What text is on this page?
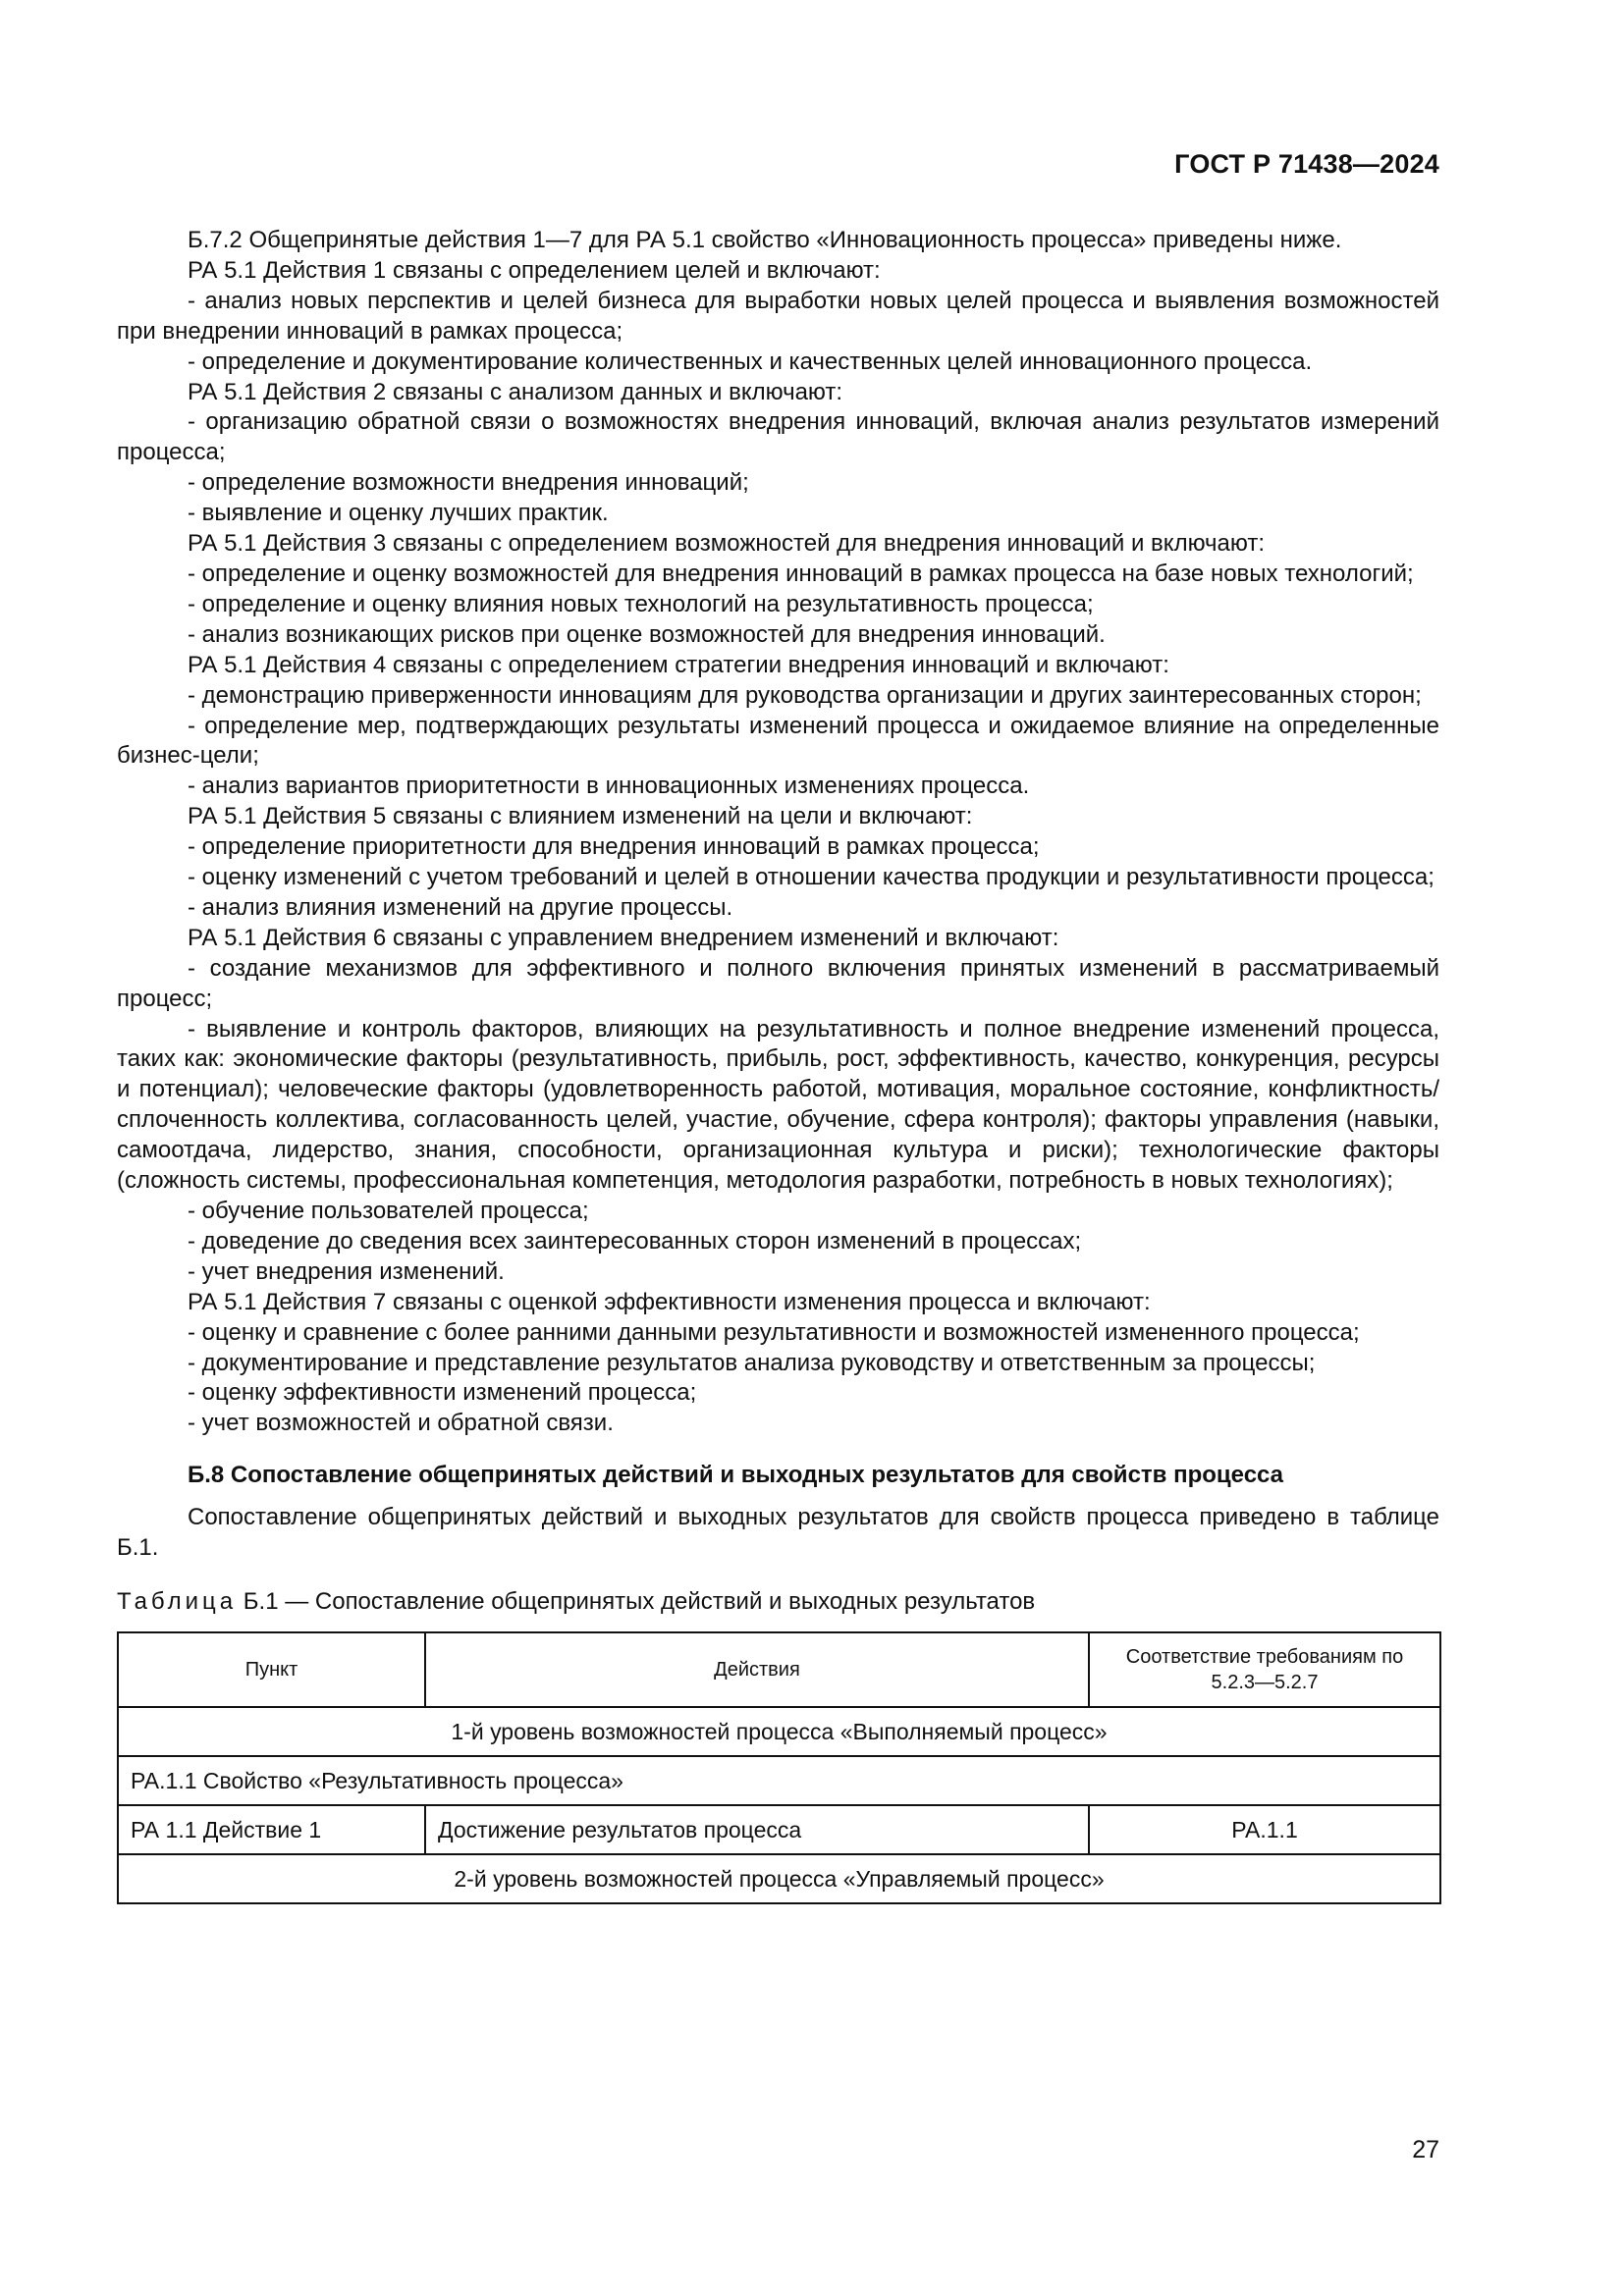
ГОСТ Р 71438—2024

Б.7.2 Общепринятые действия 1—7 для РА 5.1 свойство «Инновационность процесса» приведены ниже.

РА 5.1 Действия 1 связаны с определением целей и включают:

- анализ новых перспектив и целей бизнеса для выработки новых целей процесса и выявления возможностей при внедрении инноваций в рамках процесса;

- определение и документирование количественных и качественных целей инновационного процесса.

РА 5.1 Действия 2 связаны с анализом данных и включают:

- организацию обратной связи о возможностях внедрения инноваций, включая анализ результатов измерений процесса;

- определение возможности внедрения инноваций;

- выявление и оценку лучших практик.

РА 5.1 Действия 3 связаны с определением возможностей для внедрения инноваций и включают:

- определение и оценку возможностей для внедрения инноваций в рамках процесса на базе новых технологий;

- определение и оценку влияния новых технологий на результативность процесса;

- анализ возникающих рисков при оценке возможностей для внедрения инноваций.

РА 5.1 Действия 4 связаны с определением стратегии внедрения инноваций и включают:

- демонстрацию приверженности инновациям для руководства организации и других заинтересованных сторон;

- определение мер, подтверждающих результаты изменений процесса и ожидаемое влияние на определенные бизнес-цели;

- анализ вариантов приоритетности в инновационных изменениях процесса.

РА 5.1 Действия 5 связаны с влиянием изменений на цели и включают:

- определение приоритетности для внедрения инноваций в рамках процесса;

- оценку изменений с учетом требований и целей в отношении качества продукции и результативности процесса;

- анализ влияния изменений на другие процессы.

РА 5.1 Действия 6 связаны с управлением внедрением изменений и включают:

- создание механизмов для эффективного и полного включения принятых изменений в рассматриваемый процесс;

- выявление и контроль факторов, влияющих на результативность и полное внедрение изменений процесса, таких как: экономические факторы (результативность, прибыль, рост, эффективность, качество, конкуренция, ресурсы и потенциал); человеческие факторы (удовлетворенность работой, мотивация, моральное состояние, конфликтность/сплоченность коллектива, согласованность целей, участие, обучение, сфера контроля); факторы управления (навыки, самоотдача, лидерство, знания, способности, организационная культура и риски); технологические факторы (сложность системы, профессиональная компетенция, методология разработки, потребность в новых технологиях);

- обучение пользователей процесса;

- доведение до сведения всех заинтересованных сторон изменений в процессах;

- учет внедрения изменений.

РА 5.1 Действия 7 связаны с оценкой эффективности изменения процесса и включают:

- оценку и сравнение с более ранними данными результативности и возможностей измененного процесса;

- документирование и представление результатов анализа руководству и ответственным за процессы;

- оценку эффективности изменений процесса;

- учет возможностей и обратной связи.

Б.8 Сопоставление общепринятых действий и выходных результатов для свойств процесса

Сопоставление общепринятых действий и выходных результатов для свойств процесса приведено в таблице Б.1.

Таблица Б.1 — Сопоставление общепринятых действий и выходных результатов

Пункт	Действия	Соответствие требованиям по 5.2.3—5.2.7
1-й уровень возможностей процесса «Выполняемый процесс»		
РА.1.1 Свойство «Результативность процесса»		
РА 1.1 Действие 1	Достижение результатов процесса	РА.1.1
2-й уровень возможностей процесса «Управляемый процесс»		
27
